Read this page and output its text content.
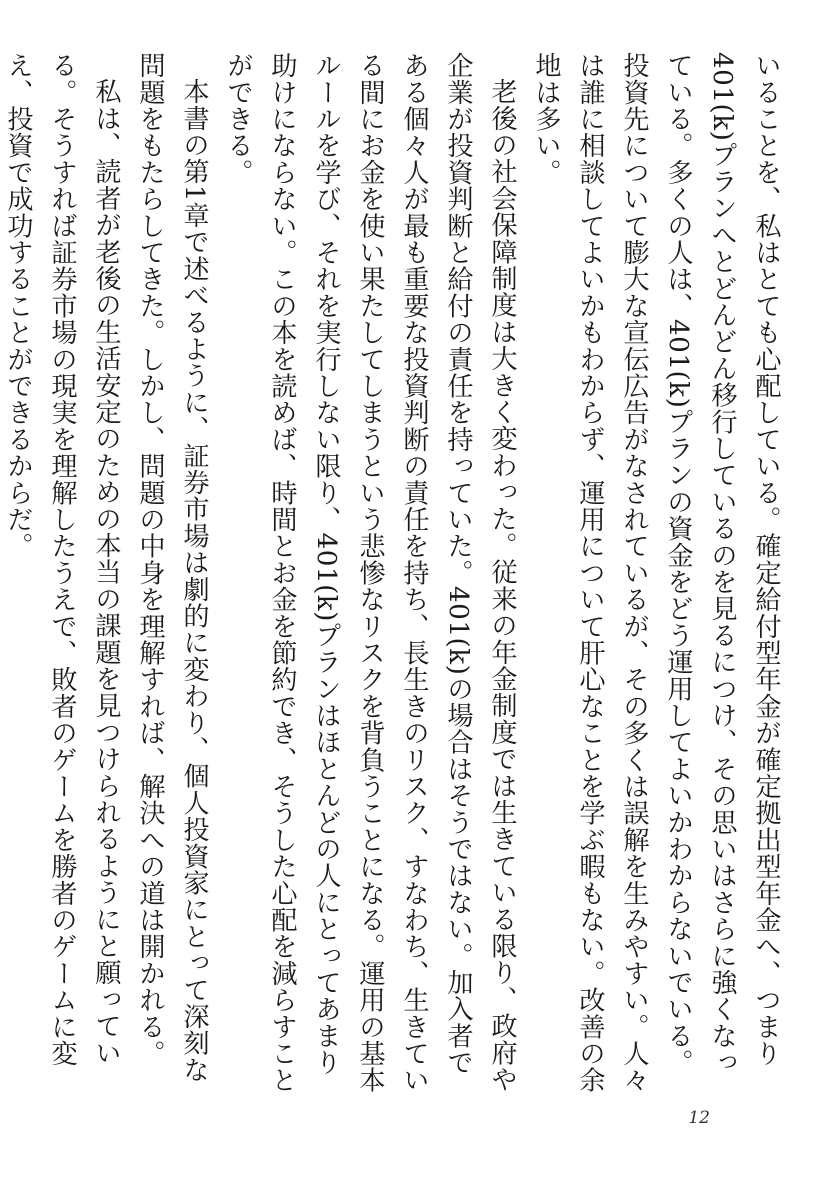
いることを、私はとても心配している。確定給付型年金が確定拠出型年金へ、つまり401(k)プランへとどんどん移行しているのを見るにつけ、その思いはさらに強くなっている。多くの人は、401(k)プランの資金をどう運用してよいかわからないでいる。投資先について膨大な宣伝広告がなされているが、その多くは誤解を生みやすい。人々は誰に相談してよいかもわからず、運用について肝心なことを学ぶ暇もない。改善の余地は多い。

老後の社会保障制度は大きく変わった。従来の年金制度では生きている限り、政府や企業が投資判断と給付の責任を持っていた。401(k)の場合はそうではない。加入者である個々人が最も重要な投資判断の責任を持ち、長生きのリスク、すなわち、生きている間にお金を使い果たしてしまうという悲惨なリスクを背負うことになる。運用の基本ルールを学び、それを実行しない限り、401(k)プランはほとんどの人にとってあまり助けにならない。この本を読めば、時間とお金を節約でき、そうした心配を減らすことができる。

本書の第1章で述べるように、証券市場は劇的に変わり、個人投資家にとって深刻な問題をもたらしてきた。しかし、問題の中身を理解すれば、解決への道は開かれる。

私は、読者が老後の生活安定のための本当の課題を見つけられるようにと願っている。そうすれば証券市場の現実を理解したうえで、敗者のゲームを勝者のゲームに変え、投資で成功することができるからだ。

12
